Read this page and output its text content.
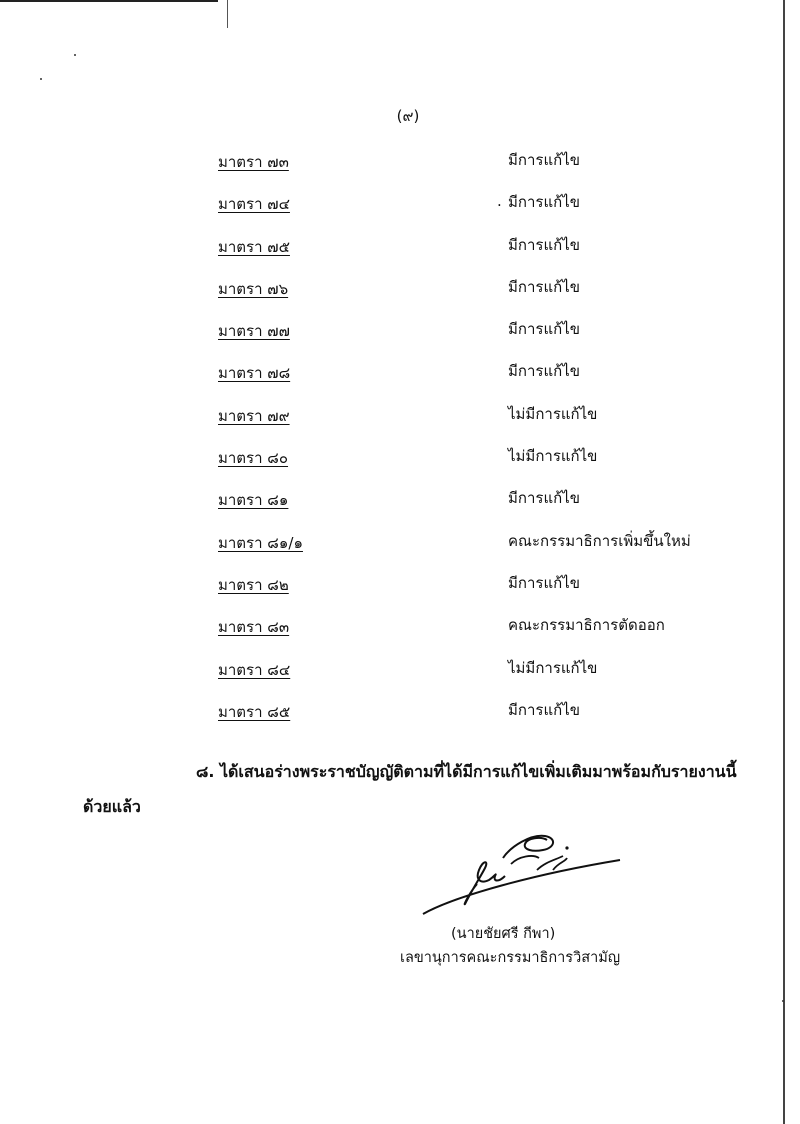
(๙)
มาตรา ๗๓	มีการแก้ไข
มาตรา ๗๔	. มีการแก้ไข
มาตรา ๗๕	มีการแก้ไข
มาตรา ๗๖	มีการแก้ไข
มาตรา ๗๗	มีการแก้ไข
มาตรา ๗๘	มีการแก้ไข
มาตรา ๗๙	ไม่มีการแก้ไข
มาตรา ๘๐	ไม่มีการแก้ไข
มาตรา ๘๑	มีการแก้ไข
มาตรา ๘๑/๑	คณะกรรมาธิการเพิ่มขึ้นใหม่
มาตรา ๘๒	มีการแก้ไข
มาตรา ๘๓	คณะกรรมาธิการตัดออก
มาตรา ๘๔	ไม่มีการแก้ไข
มาตรา ๘๕	มีการแก้ไข
๘. ได้เสนอร่างพระราชบัญญัติตามที่ได้มีการแก้ไขเพิ่มเติมมาพร้อมกับรายงานนี้
ด้วยแล้ว
(นายชัยศรี กีพา)
เลขานุการคณะกรรมาธิการวิสามัญ
